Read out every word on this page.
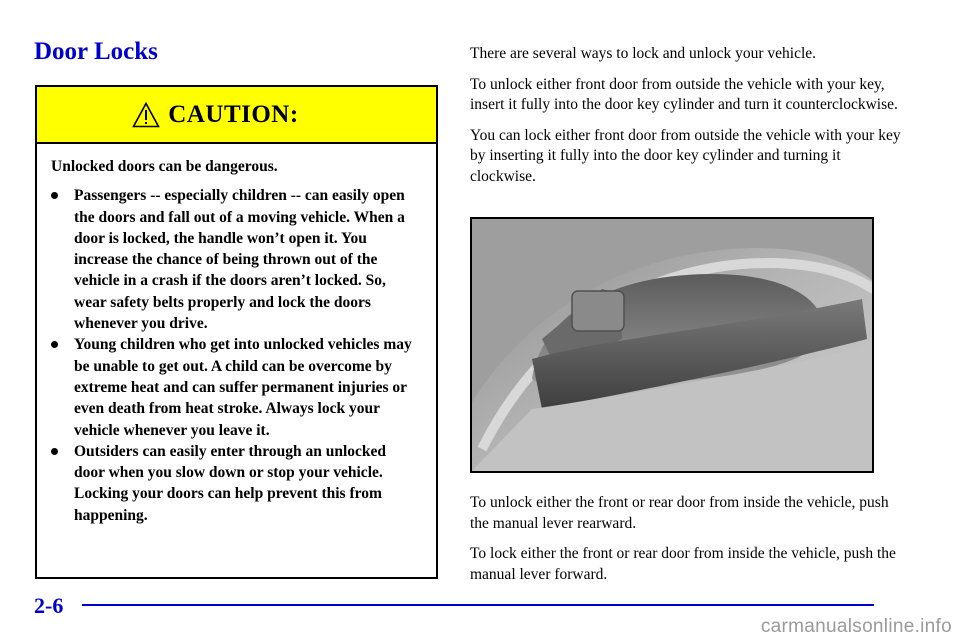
Door Locks
CAUTION:

Unlocked doors can be dangerous.

Passengers -- especially children -- can easily open the doors and fall out of a moving vehicle. When a door is locked, the handle won’t open it. You increase the chance of being thrown out of the vehicle in a crash if the doors aren’t locked. So, wear safety belts properly and lock the doors whenever you drive.
Young children who get into unlocked vehicles may be unable to get out. A child can be overcome by extreme heat and can suffer permanent injuries or even death from heat stroke. Always lock your vehicle whenever you leave it.
Outsiders can easily enter through an unlocked door when you slow down or stop your vehicle. Locking your doors can help prevent this from happening.

There are several ways to lock and unlock your vehicle.

To unlock either front door from outside the vehicle with your key, insert it fully into the door key cylinder and turn it counterclockwise.

You can lock either front door from outside the vehicle with your key by inserting it fully into the door key cylinder and turning it clockwise.

To unlock either the front or rear door from inside the vehicle, push the manual lever rearward.

To lock either the front or rear door from inside the vehicle, push the manual lever forward.

2-6
carmanualsonline.info
